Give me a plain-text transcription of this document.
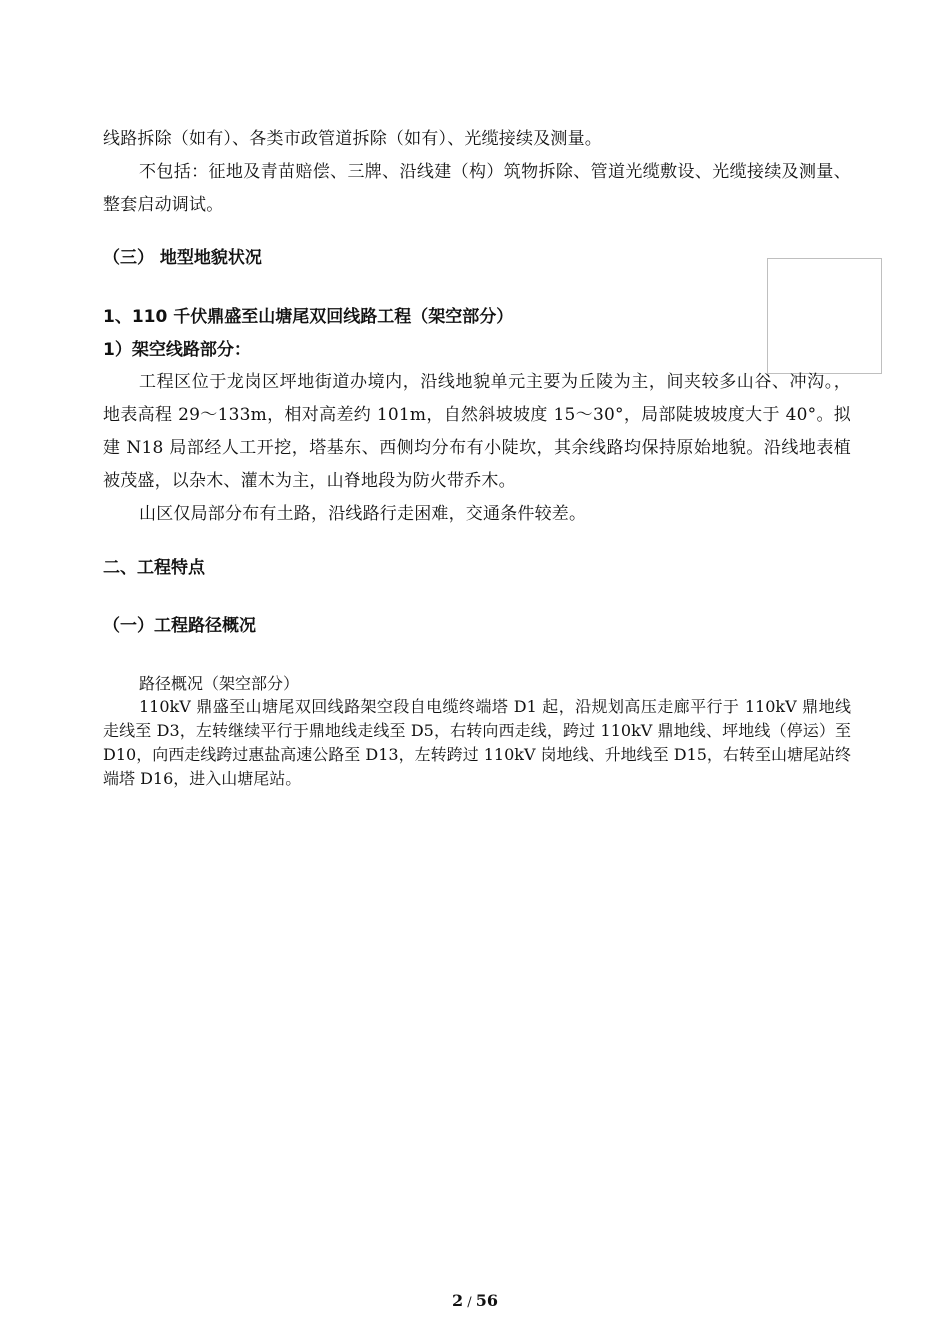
线路拆除（如有）、各类市政管道拆除（如有）、光缆接续及测量。

不包括：征地及青苗赔偿、三牌、沿线建（构）筑物拆除、管道光缆敷设、光缆接续及测量、整套启动调试。

（三） 地型地貌状况
1、110 千伏鼎盛至山塘尾双回线路工程（架空部分）
1）架空线路部分：

工程区位于龙岗区坪地街道办境内，沿线地貌单元主要为丘陵为主，间夹较多山谷、冲沟。，地表高程 29～133m，相对高差约 101m，自然斜坡坡度 15～30°，局部陡坡坡度大于 40°。拟建 N18 局部经人工开挖，塔基东、西侧均分布有小陡坎，其余线路均保持原始地貌。沿线地表植被茂盛，以杂木、灌木为主，山脊地段为防火带乔木。

山区仅局部分布有土路，沿线路行走困难，交通条件较差。

二、工程特点
（一）工程路径概况

路径概况（架空部分）

110kV 鼎盛至山塘尾双回线路架空段自电缆终端塔 D1 起，沿规划高压走廊平行于 110kV 鼎地线走线至 D3，左转继续平行于鼎地线走线至 D5，右转向西走线，跨过 110kV 鼎地线、坪地线（停运）至 D10，向西走线跨过惠盐高速公路至 D13，左转跨过 110kV 岗地线、升地线至 D15，右转至山塘尾站终端塔 D16，进入山塘尾站。

2 / 56
